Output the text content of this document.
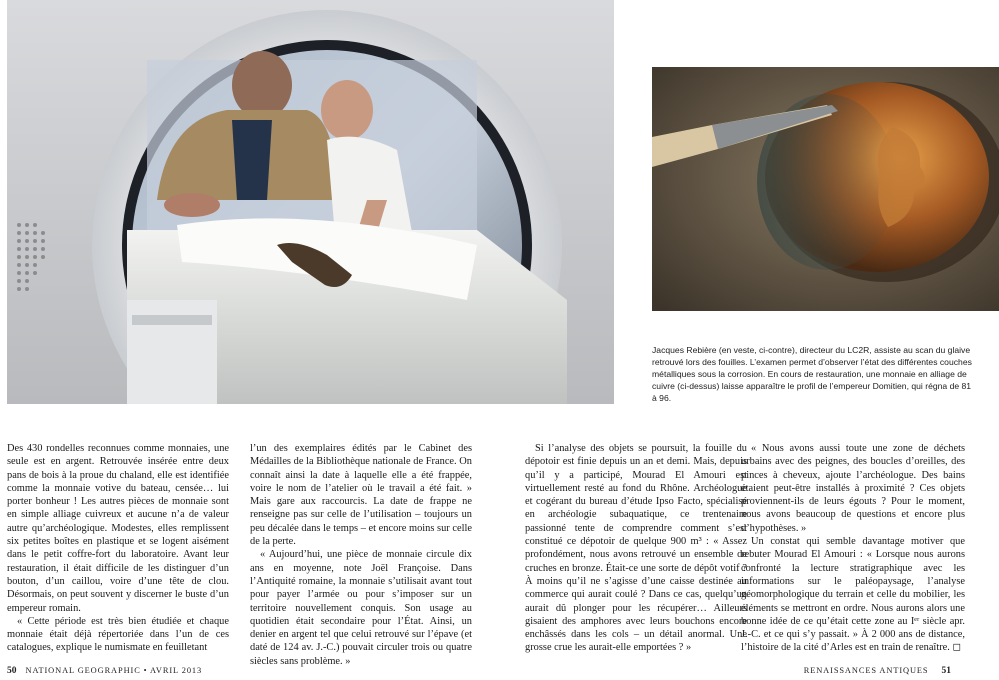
Jacques Rebière (en veste, ci-contre), directeur du LC2R, assiste au scan du glaive retrouvé lors des fouilles. L’examen permet d’observer l’état des différentes couches métalliques sous la corrosion. En cours de restauration, une monnaie en alliage de cuivre (ci-dessus) laisse apparaître le profil de l’empereur Domitien, qui régna de 81 à 96.

Des 430 rondelles reconnues comme monnaies, une seule est en argent. Retrouvée insérée entre deux pans de bois à la proue du chaland, elle est identifiée comme la monnaie votive du bateau, censée… lui porter bonheur ! Les autres pièces de monnaie sont en simple alliage cuivreux et aucune n’a de valeur autre qu’archéologique. Modestes, elles remplissent six petites boîtes en plastique et se logent aisément dans le petit coffre-fort du laboratoire. Avant leur restauration, il était difficile de les distinguer d’un bouton, d’un caillou, voire d’une tête de clou. Désormais, on peut souvent y discerner le buste d’un empereur romain.

« Cette période est très bien étudiée et chaque monnaie était déjà répertoriée dans l’un de ces catalogues, explique le numismate en feuilletant

l’un des exemplaires édités par le Cabinet des Médailles de la Bibliothèque nationale de France. On connaît ainsi la date à laquelle elle a été frappée, voire le nom de l’atelier où le travail a été fait. » Mais gare aux raccourcis. La date de frappe ne renseigne pas sur celle de l’utilisation – toujours un peu décalée dans le temps – et encore moins sur celle de la perte.

« Aujourd’hui, une pièce de monnaie circule dix ans en moyenne, note Joël Françoise. Dans l’Antiquité romaine, la monnaie s’utilisait avant tout pour payer l’armée ou pour s’imposer sur un territoire nouvellement conquis. Son usage au quotidien était secondaire pour l’État. Ainsi, un denier en argent tel que celui retrouvé sur l’épave (et daté de 124 av. J.-C.) pouvait circuler trois ou quatre siècles sans problème. »

Si l’analyse des objets se poursuit, la fouille du dépotoir est finie depuis un an et demi. Mais, depuis qu’il y a participé, Mourad El Amouri est virtuellement resté au fond du Rhône. Archéologue et cogérant du bureau d’étude Ipso Facto, spécialisé en archéologie subaquatique, ce trentenaire passionné tente de comprendre comment s’est constitué ce dépotoir de quelque 900 m³ : « Assez profondément, nous avons retrouvé un ensemble de cruches en bronze. Était-ce une sorte de dépôt votif ? À moins qu’il ne s’agisse d’une caisse destinée au commerce qui aurait coulé ? Dans ce cas, quelqu’un aurait dû plonger pour les récupérer… Ailleurs gisaient des amphores avec leurs bouchons encore enchâssés dans les cols – un détail anormal. Une grosse crue les aurait-elle emportées ? »

« Nous avons aussi toute une zone de déchets urbains avec des peignes, des boucles d’oreilles, des pinces à cheveux, ajoute l’archéologue. Des bains étaient peut-être installés à proximité ? Ces objets proviennent-ils de leurs égouts ? Pour le moment, nous avons beaucoup de questions et encore plus d’hypothèses. »

Un constat qui semble davantage motiver que rebuter Mourad El Amouri : « Lorsque nous aurons confronté la lecture stratigraphique avec les informations sur le paléopaysage, l’analyse géomorphologique du terrain et celle du mobilier, les éléments se mettront en ordre. Nous aurons alors une bonne idée de ce qu’était cette zone au Iᵉʳ siècle apr. J.-C. et ce qui s’y passait. » À 2 000 ans de distance, l’histoire de la cité d’Arles est en train de renaître. ◻

50 NATIONAL GEOGRAPHIC • AVRIL 2013	RENAISSANCES ANTIQUES 51
